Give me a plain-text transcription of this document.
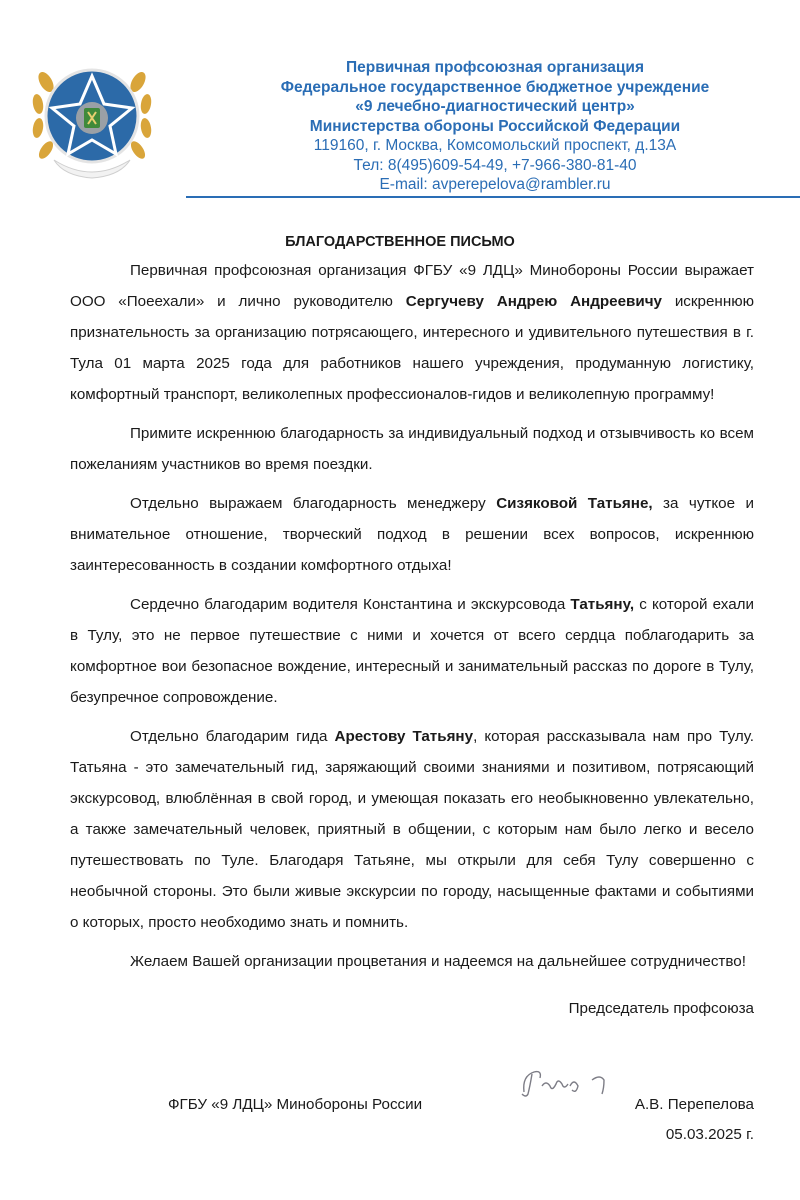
Первичная профсоюзная организация
Федеральное государственное бюджетное учреждение
«9 лечебно-диагностический центр»
Министерства обороны Российской Федерации
119160, г. Москва, Комсомольский проспект, д.13А
Тел: 8(495)609-54-49, +7-966-380-81-40
E-mail: avperepelova@rambler.ru
БЛАГОДАРСТВЕННОЕ ПИСЬМО

Первичная профсоюзная организация ФГБУ «9 ЛДЦ» Минобороны России выражает ООО «Поеехали» и лично руководителю Сергучеву Андрею Андреевичу искреннюю признательность за организацию потрясающего, интересного и удивительного путешествия в г. Тула 01 марта 2025 года для работников нашего учреждения, продуманную логистику, комфортный транспорт, великолепных профессионалов-гидов и великолепную программу!

Примите искреннюю благодарность за индивидуальный подход и отзывчивость ко всем пожеланиям участников во время поездки.

Отдельно выражаем благодарность менеджеру Сизяковой Татьяне, за чуткое и внимательное отношение, творческий подход в решении всех вопросов, искреннюю заинтересованность в создании комфортного отдыха!

Сердечно благодарим водителя Константина и экскурсовода Татьяну, с которой ехали в Тулу, это не первое путешествие с ними и хочется от всего сердца поблагодарить за комфортное вои безопасное вождение, интересный и занимательный рассказ по дороге в Тулу, безупречное сопровождение.

Отдельно благодарим гида Арестову Татьяну, которая рассказывала нам про Тулу. Татьяна - это замечательный гид, заряжающий своими знаниями и позитивом, потрясающий экскурсовод, влюблённая в свой город, и умеющая показать его необыкновенно увлекательно, а также замечательный человек, приятный в общении, с которым нам было легко и весело путешествовать по Туле. Благодаря Татьяне, мы открыли для себя Тулу совершенно с необычной стороны. Это были живые экскурсии по городу, насыщенные фактами и событиями о которых, просто необходимо знать и помнить.

Желаем Вашей организации процветания и надеемся на дальнейшее сотрудничество!

Председатель профсоюза
ФГБУ «9 ЛДЦ» Минобороны России	А.В. Перепелова
05.03.2025 г.
